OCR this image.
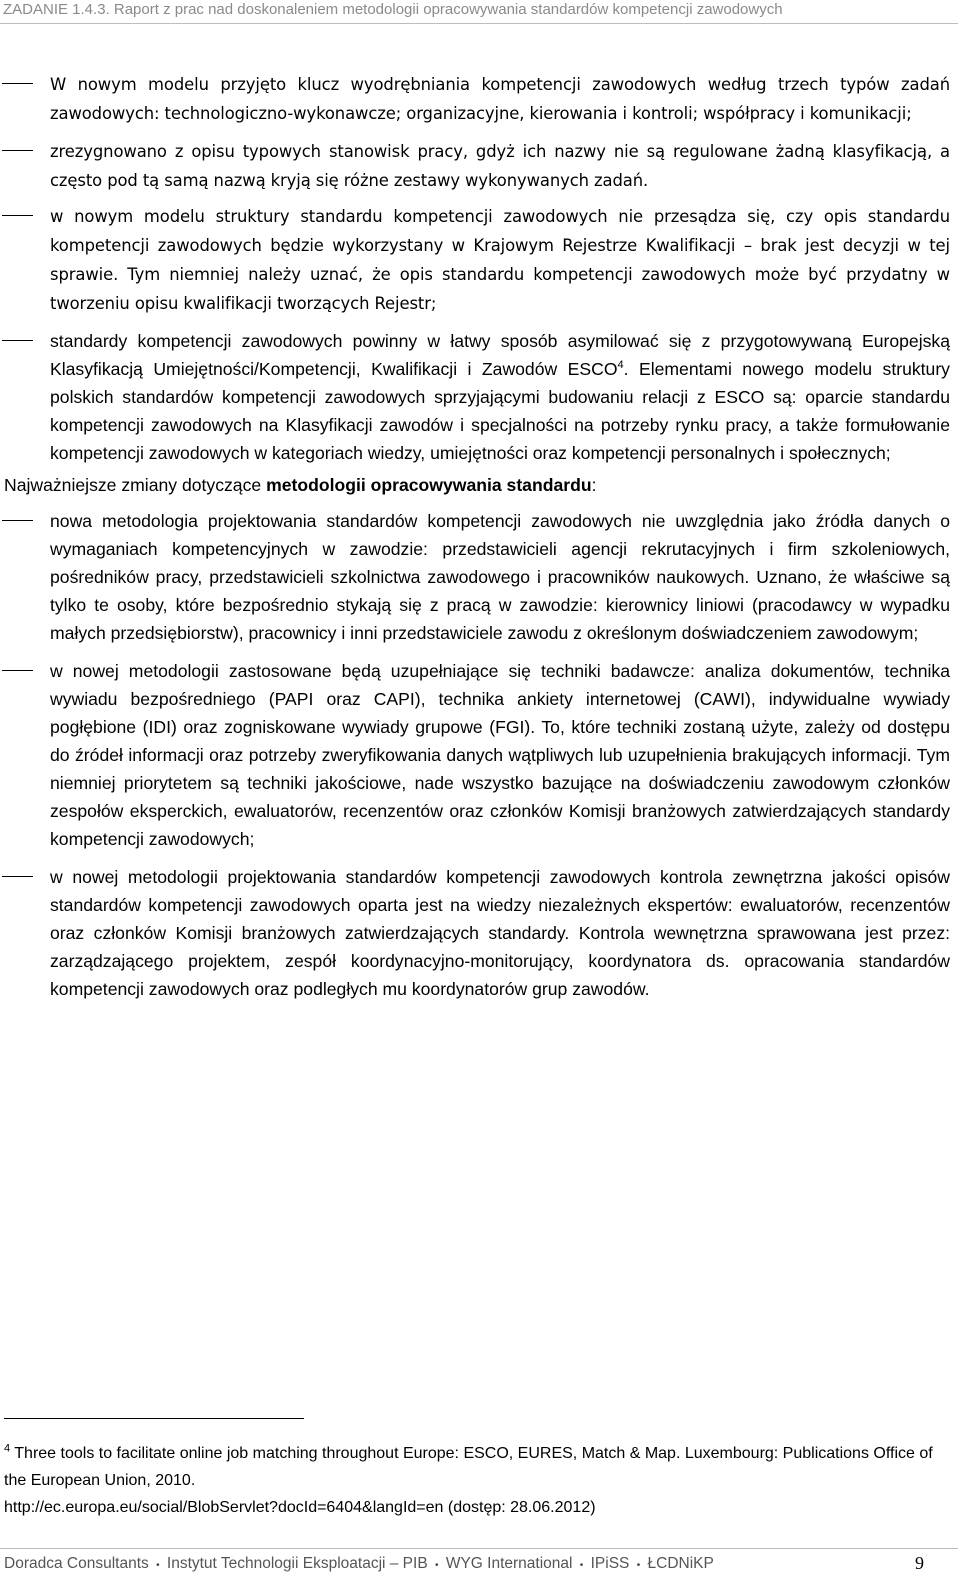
ZADANIE 1.4.3. Raport z prac nad doskonaleniem metodologii opracowywania standardów kompetencji zawodowych
W nowym modelu przyjęto klucz wyodrębniania kompetencji zawodowych według trzech typów zadań zawodowych: technologiczno-wykonawcze; organizacyjne, kierowania i kontroli; współpracy i komunikacji;
zrezygnowano z opisu typowych stanowisk pracy, gdyż ich nazwy nie są regulowane żadną klasyfikacją, a często pod tą samą nazwą kryją się różne zestawy wykonywanych zadań.
w nowym modelu struktury standardu kompetencji zawodowych nie przesądza się, czy opis standardu kompetencji zawodowych będzie wykorzystany w Krajowym Rejestrze Kwalifikacji – brak jest decyzji w tej sprawie. Tym niemniej należy uznać, że opis standardu kompetencji zawodowych może być przydatny w tworzeniu opisu kwalifikacji tworzących Rejestr;
standardy kompetencji zawodowych powinny w łatwy sposób asymilować się z przygotowywaną Europejską Klasyfikacją Umiejętności/Kompetencji, Kwalifikacji i Zawodów ESCO$^4$. Elementami nowego modelu struktury polskich standardów kompetencji zawodowych sprzyjającymi budowaniu relacji z ESCO są: oparcie standardu kompetencji zawodowych na Klasyfikacji zawodów i specjalności na potrzeby rynku pracy, a także formułowanie kompetencji zawodowych w kategoriach wiedzy, umiejętności oraz kompetencji personalnych i społecznych;
Najważniejsze zmiany dotyczące metodologii opracowywania standardu:
nowa metodologia projektowania standardów kompetencji zawodowych nie uwzględnia jako źródła danych o wymaganiach kompetencyjnych w zawodzie: przedstawicieli agencji rekrutacyjnych i firm szkoleniowych, pośredników pracy, przedstawicieli szkolnictwa zawodowego i pracowników naukowych. Uznano, że właściwe są tylko te osoby, które bezpośrednio stykają się z pracą w zawodzie: kierownicy liniowi (pracodawcy w wypadku małych przedsiębiorstw), pracownicy i inni przedstawiciele zawodu z określonym doświadczeniem zawodowym;
w nowej metodologii zastosowane będą uzupełniające się techniki badawcze: analiza dokumentów, technika wywiadu bezpośredniego (PAPI oraz CAPI), technika ankiety internetowej (CAWI), indywidualne wywiady pogłębione (IDI) oraz zogniskowane wywiady grupowe (FGI). To, które techniki zostaną użyte, zależy od dostępu do źródeł informacji oraz potrzeby zweryfikowania danych wątpliwych lub uzupełnienia brakujących informacji. Tym niemniej priorytetem są techniki jakościowe, nade wszystko bazujące na doświadczeniu zawodowym członków zespołów eksperckich, ewaluatorów, recenzentów oraz członków Komisji branżowych zatwierdzających standardy kompetencji zawodowych;
w nowej metodologii projektowania standardów kompetencji zawodowych kontrola zewnętrzna jakości opisów standardów kompetencji zawodowych oparta jest na wiedzy niezależnych ekspertów: ewaluatorów, recenzentów oraz członków Komisji branżowych zatwierdzających standardy. Kontrola wewnętrzna sprawowana jest przez: zarządzającego projektem, zespół koordynacyjno-monitorujący, koordynatora ds. opracowania standardów kompetencji zawodowych oraz podległych mu koordynatorów grup zawodów.
$^4$ Three tools to facilitate online job matching throughout Europe: ESCO, EURES, Match & Map. Luxembourg: Publications Office of the European Union, 2010.
http://ec.europa.eu/social/BlobServlet?docId=6404&langId=en (dostęp: 28.06.2012)
Doradca Consultants • Instytut Technologii Eksploatacji – PIB • WYG International • IPiSS • ŁCDNiKP	9
